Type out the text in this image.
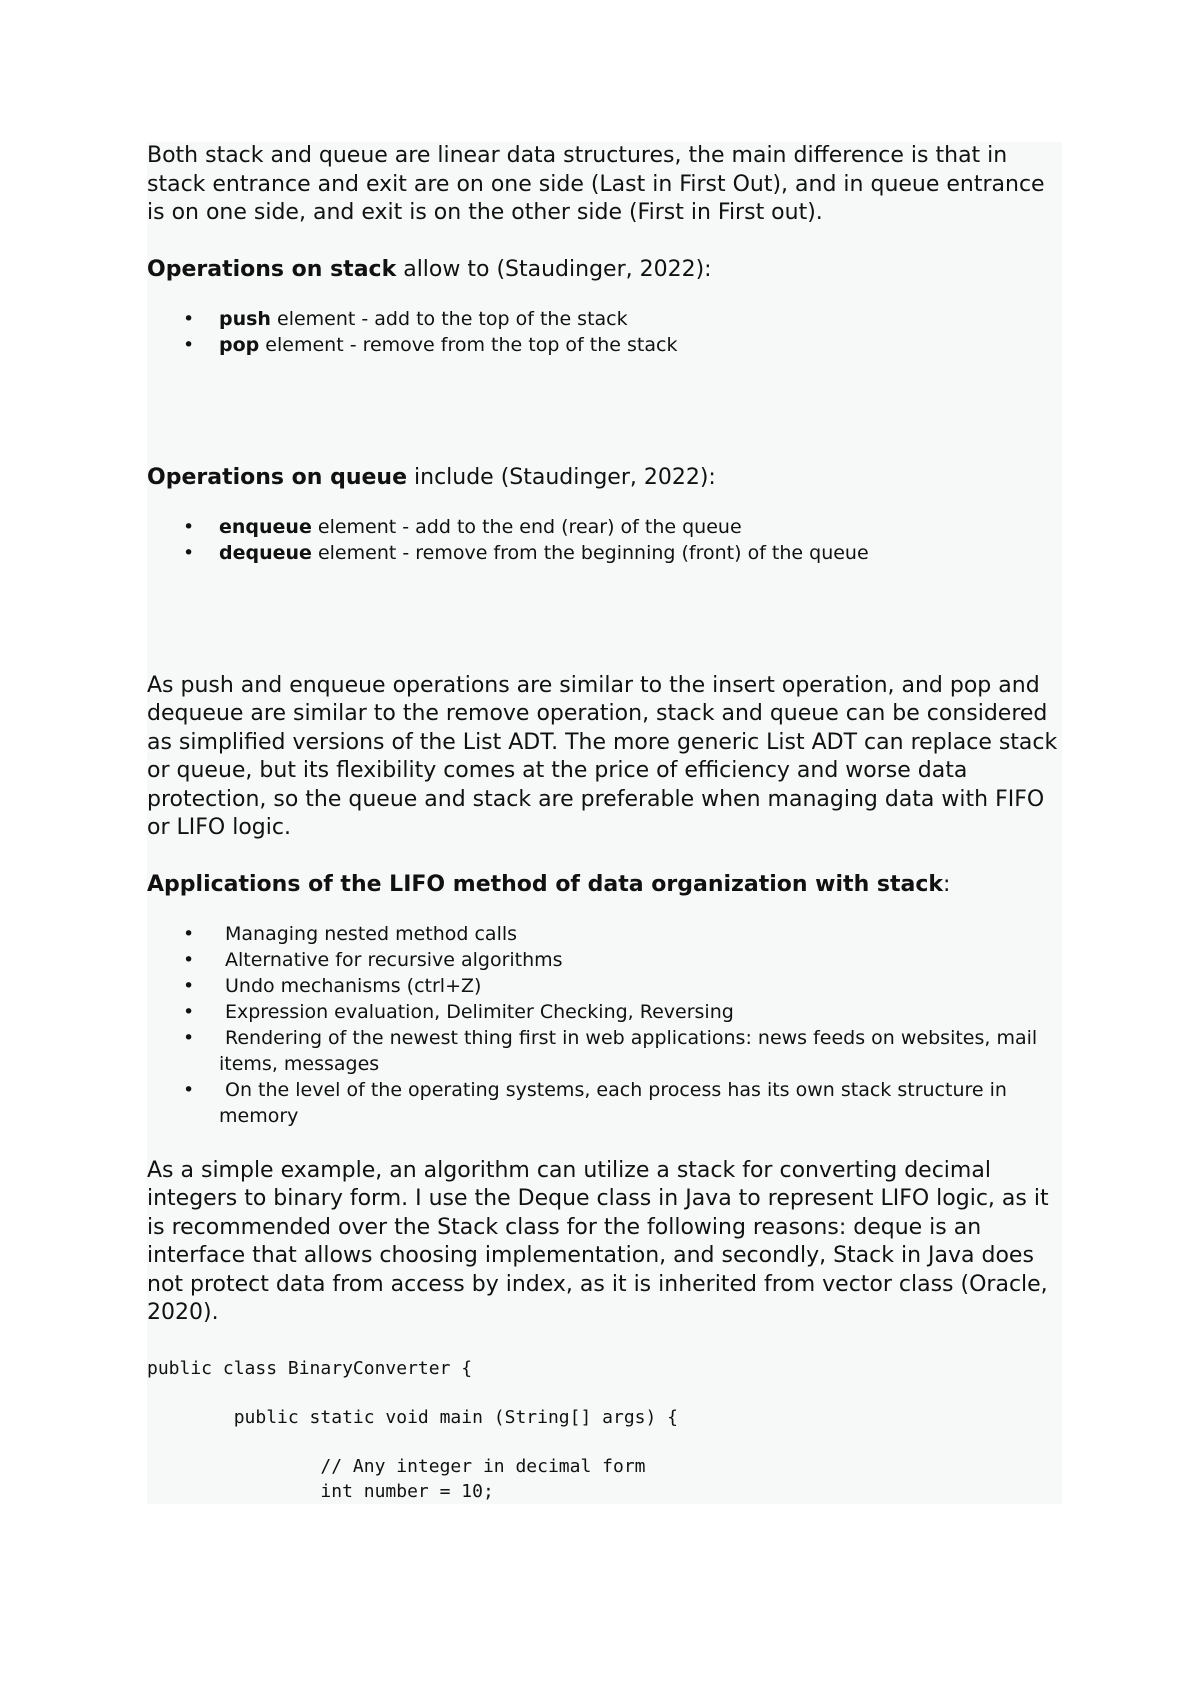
Both stack and queue are linear data structures, the main difference is that in stack entrance and exit are on one side (Last in First Out), and in queue entrance is on one side, and exit is on the other side (First in First out).

Operations on stack allow to (Staudinger, 2022):

• push element - add to the top of the stack
• pop element - remove from the top of the stack

Operations on queue include (Staudinger, 2022):

• enqueue element - add to the end (rear) of the queue
• dequeue element - remove from the beginning (front) of the queue

As push and enqueue operations are similar to the insert operation, and pop and dequeue are similar to the remove operation, stack and queue can be considered as simplified versions of the List ADT. The more generic List ADT can replace stack or queue, but its flexibility comes at the price of efficiency and worse data protection, so the queue and stack are preferable when managing data with FIFO or LIFO logic.

Applications of the LIFO method of data organization with stack:

• Managing nested method calls
• Alternative for recursive algorithms
• Undo mechanisms (ctrl+Z)
• Expression evaluation, Delimiter Checking, Reversing
• Rendering of the newest thing first in web applications: news feeds on websites, mail items, messages
• On the level of the operating systems, each process has its own stack structure in memory

As a simple example, an algorithm can utilize a stack for converting decimal integers to binary form. I use the Deque class in Java to represent LIFO logic, as it is recommended over the Stack class for the following reasons: deque is an interface that allows choosing implementation, and secondly, Stack in Java does not protect data from access by index, as it is inherited from vector class (Oracle, 2020).

public class BinaryConverter {
public static void main (String[] args) {
// Any integer in decimal form
int number = 10;
